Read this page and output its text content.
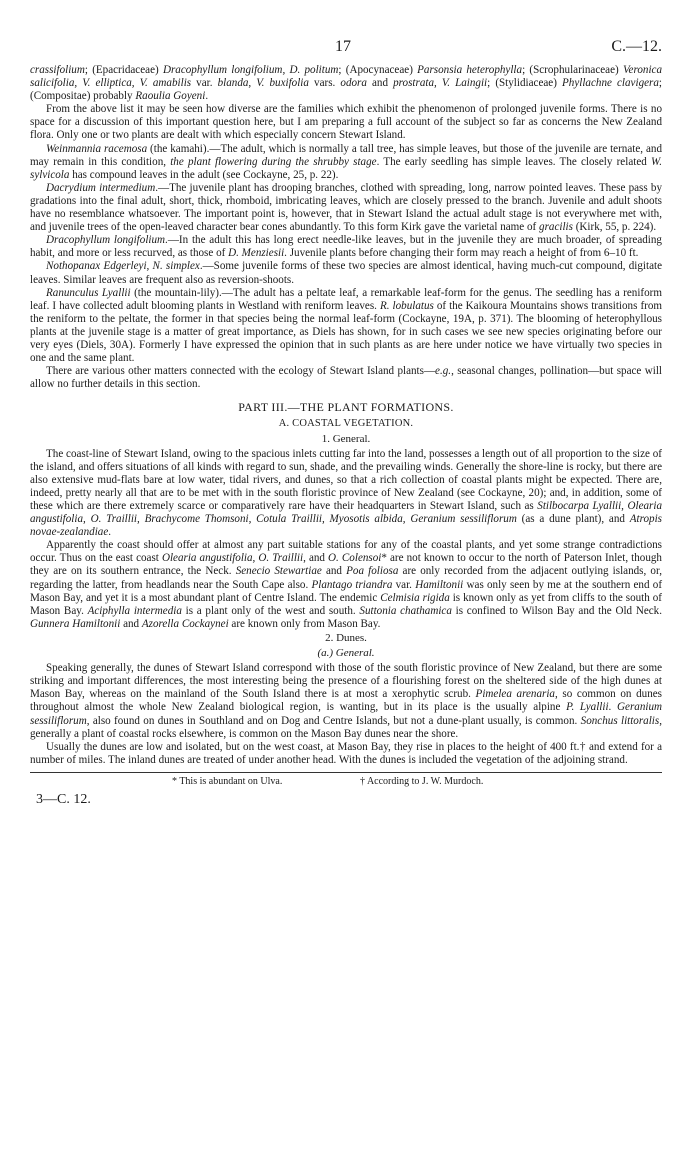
17	C.—12.

crassifolium; (Epacridaceae) Dracophyllum longifolium, D. politum; (Apocynaceae) Parsonsia heterophylla; (Scrophularinaceae) Veronica salicifolia, V. elliptica, V. amabilis var. blanda, V. buxifolia vars. odora and prostrata, V. Laingii; (Stylidiaceae) Phyllachne clavigera; (Compositae) probably Raoulia Goyeni.

From the above list it may be seen how diverse are the families which exhibit the phenomenon of prolonged juvenile forms. There is no space for a discussion of this important question here, but I am preparing a full account of the subject so far as concerns the New Zealand flora. Only one or two plants are dealt with which especially concern Stewart Island.

Weinmannia racemosa (the kamahi).—The adult, which is normally a tall tree, has simple leaves, but those of the juvenile are ternate, and may remain in this condition, the plant flowering during the shrubby stage. The early seedling has simple leaves. The closely related W. sylvicola has compound leaves in the adult (see Cockayne, 25, p. 22).

Dacrydium intermedium.—The juvenile plant has drooping branches, clothed with spreading, long, narrow pointed leaves. These pass by gradations into the final adult, short, thick, rhomboid, imbricating leaves, which are closely pressed to the branch. Juvenile and adult shoots have no resemblance whatsoever. The important point is, however, that in Stewart Island the actual adult stage is not everywhere met with, and juvenile trees of the open-leaved character bear cones abundantly. To this form Kirk gave the varietal name of gracilis (Kirk, 55, p. 224).

Dracophyllum longifolium.—In the adult this has long erect needle-like leaves, but in the juvenile they are much broader, of spreading habit, and more or less recurved, as those of D. Menziesii. Juvenile plants before changing their form may reach a height of from 6–10 ft.

Nothopanax Edgerleyi, N. simplex.—Some juvenile forms of these two species are almost identical, having much-cut compound, digitate leaves. Similar leaves are frequent also as reversion-shoots.

Ranunculus Lyallii (the mountain-lily).—The adult has a peltate leaf, a remarkable leaf-form for the genus. The seedling has a reniform leaf. I have collected adult blooming plants in Westland with reniform leaves. R. lobulatus of the Kaikoura Mountains shows transitions from the reniform to the peltate, the former in that species being the normal leaf-form (Cockayne, 19A, p. 371). The blooming of heterophyllous plants at the juvenile stage is a matter of great importance, as Diels has shown, for in such cases we see new species originating before our very eyes (Diels, 30A). Formerly I have expressed the opinion that in such plants as are here under notice we have virtually two species in one and the same plant.

There are various other matters connected with the ecology of Stewart Island plants—e.g., seasonal changes, pollination—but space will allow no further details in this section.

PART III.—THE PLANT FORMATIONS.
A. COASTAL VEGETATION.
1. General.

The coast-line of Stewart Island, owing to the spacious inlets cutting far into the land, possesses a length out of all proportion to the size of the island, and offers situations of all kinds with regard to sun, shade, and the prevailing winds. Generally the shore-line is rocky, but there are also extensive mud-flats bare at low water, tidal rivers, and dunes, so that a rich collection of coastal plants might be expected. There are, indeed, pretty nearly all that are to be met with in the south floristic province of New Zealand (see Cockayne, 20); and, in addition, some of these which are there extremely scarce or comparatively rare have their headquarters in Stewart Island, such as Stilbocarpa Lyallii, Olearia angustifolia, O. Traillii, Brachycome Thomsoni, Cotula Traillii, Myosotis albida, Geranium sessiliflorum (as a dune plant), and Atropis novae-zealandiae.

Apparently the coast should offer at almost any part suitable stations for any of the coastal plants, and yet some strange contradictions occur. Thus on the east coast Olearia angustifolia, O. Traillii, and O. Colensoi* are not known to occur to the north of Paterson Inlet, though they are on its southern entrance, the Neck. Senecio Stewartiae and Poa foliosa are only recorded from the adjacent outlying islands, or, regarding the latter, from headlands near the South Cape also. Plantago triandra var. Hamiltonii was only seen by me at the southern end of Mason Bay, and yet it is a most abundant plant of Centre Island. The endemic Celmisia rigida is known only as yet from cliffs to the south of Mason Bay. Aciphylla intermedia is a plant only of the west and south. Suttonia chathamica is confined to Wilson Bay and the Old Neck. Gunnera Hamiltonii and Azorella Cockaynei are known only from Mason Bay.

2. Dunes.
(a.) General.

Speaking generally, the dunes of Stewart Island correspond with those of the south floristic province of New Zealand, but there are some striking and important differences, the most interesting being the presence of a flourishing forest on the sheltered side of the high dunes at Mason Bay, whereas on the mainland of the South Island there is at most a xerophytic scrub. Pimelea arenaria, so common on dunes throughout almost the whole New Zealand biological region, is wanting, but in its place is the usually alpine P. Lyallii. Geranium sessiliflorum, also found on dunes in Southland and on Dog and Centre Islands, but not a dune-plant usually, is common. Sonchus littoralis, generally a plant of coastal rocks elsewhere, is common on the Mason Bay dunes near the shore.

Usually the dunes are low and isolated, but on the west coast, at Mason Bay, they rise in places to the height of 400 ft.† and extend for a number of miles. The inland dunes are treated of under another head. With the dunes is included the vegetation of the adjoining strand.

* This is abundant on Ulva.	† According to J. W. Murdoch.
3—C. 12.
